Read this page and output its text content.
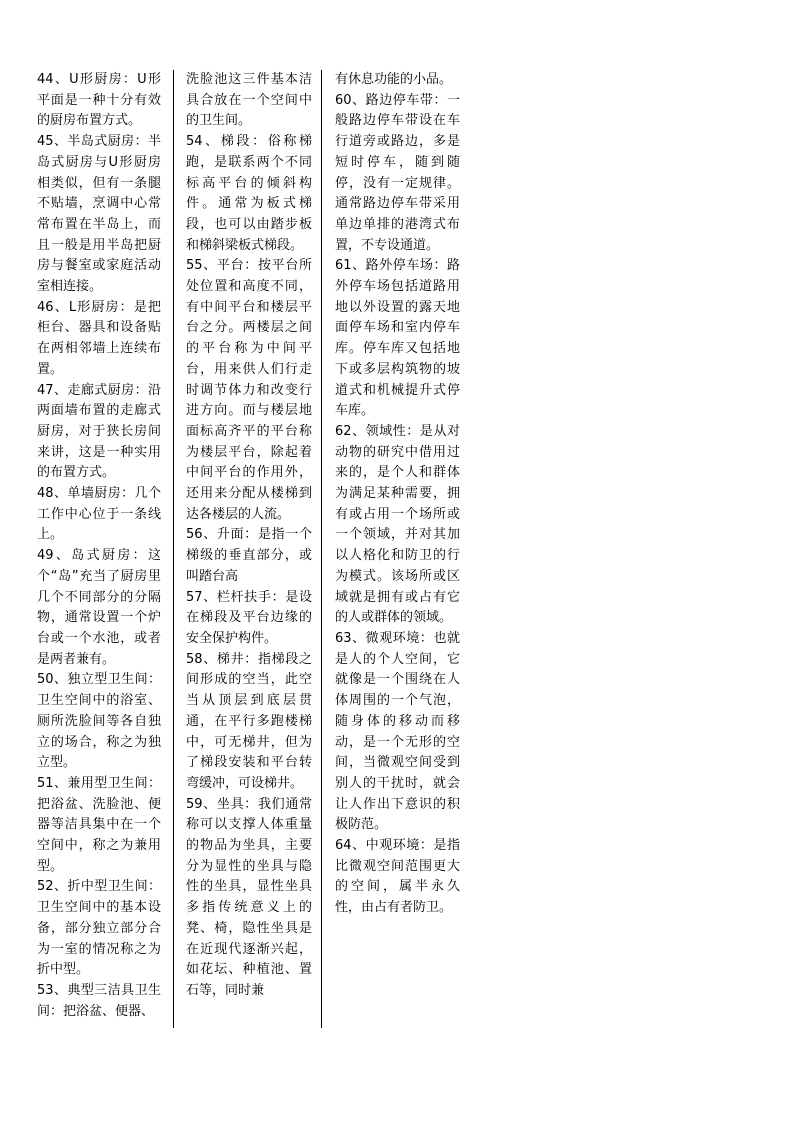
44、U形厨房：U形平面是一种十分有效的厨房布置方式。

45、半岛式厨房：半岛式厨房与U形厨房相类似，但有一条腿不贴墙，烹调中心常常布置在半岛上，而且一般是用半岛把厨房与餐室或家庭活动室相连接。

46、L形厨房：是把柜台、器具和设备贴在两相邻墙上连续布置。

47、走廊式厨房：沿两面墙布置的走廊式厨房，对于狭长房间来讲，这是一种实用的布置方式。

48、单墙厨房：几个工作中心位于一条线上。

49、岛式厨房：这个“岛”充当了厨房里几个不同部分的分隔物，通常设置一个炉台或一个水池，或者是两者兼有。

50、独立型卫生间：卫生空间中的浴室、厕所洗脸间等各自独立的场合，称之为独立型。

51、兼用型卫生间：把浴盆、洗脸池、便器等洁具集中在一个空间中，称之为兼用型。

52、折中型卫生间：卫生空间中的基本设备，部分独立部分合为一室的情况称之为折中型。

53、典型三洁具卫生间：把浴盆、便器、

洗脸池这三件基本洁具合放在一个空间中的卫生间。

54、梯段：俗称梯跑，是联系两个不同标高平台的倾斜构件。通常为板式梯段，也可以由踏步板和梯斜梁板式梯段。

55、平台：按平台所处位置和高度不同，有中间平台和楼层平台之分。两楼层之间的平台称为中间平台，用来供人们行走时调节体力和改变行进方向。而与楼层地面标高齐平的平台称为楼层平台，除起着中间平台的作用外，还用来分配从楼梯到达各楼层的人流。

56、升面：是指一个梯级的垂直部分，或叫踏台高

57、栏杆扶手：是设在梯段及平台边缘的安全保护构件。

58、梯井：指梯段之间形成的空当，此空当从顶层到底层贯通，在平行多跑楼梯中，可无梯井，但为了梯段安装和平台转弯缓冲，可设梯井。

59、坐具：我们通常称可以支撑人体重量的物品为坐具，主要分为显性的坐具与隐性的坐具，显性坐具多指传统意义上的凳、椅，隐性坐具是在近现代逐渐兴起，如花坛、种植池、置石等，同时兼

有休息功能的小品。

60、路边停车带：一般路边停车带设在车行道旁或路边，多是短时停车，随到随停，没有一定规律。通常路边停车带采用单边单排的港湾式布置，不专设通道。

61、路外停车场：路外停车场包括道路用地以外设置的露天地面停车场和室内停车库。停车库又包括地下或多层构筑物的坡道式和机械提升式停车库。

62、领域性：是从对动物的研究中借用过来的，是个人和群体为满足某种需要，拥有或占用一个场所或一个领域，并对其加以人格化和防卫的行为模式。该场所或区域就是拥有或占有它的人或群体的领域。

63、微观环境：也就是人的个人空间，它就像是一个围绕在人体周围的一个气泡，随身体的移动而移动，是一个无形的空间，当微观空间受到别人的干扰时，就会让人作出下意识的积极防范。

64、中观环境：是指比微观空间范围更大的空间，属半永久性，由占有者防卫。
